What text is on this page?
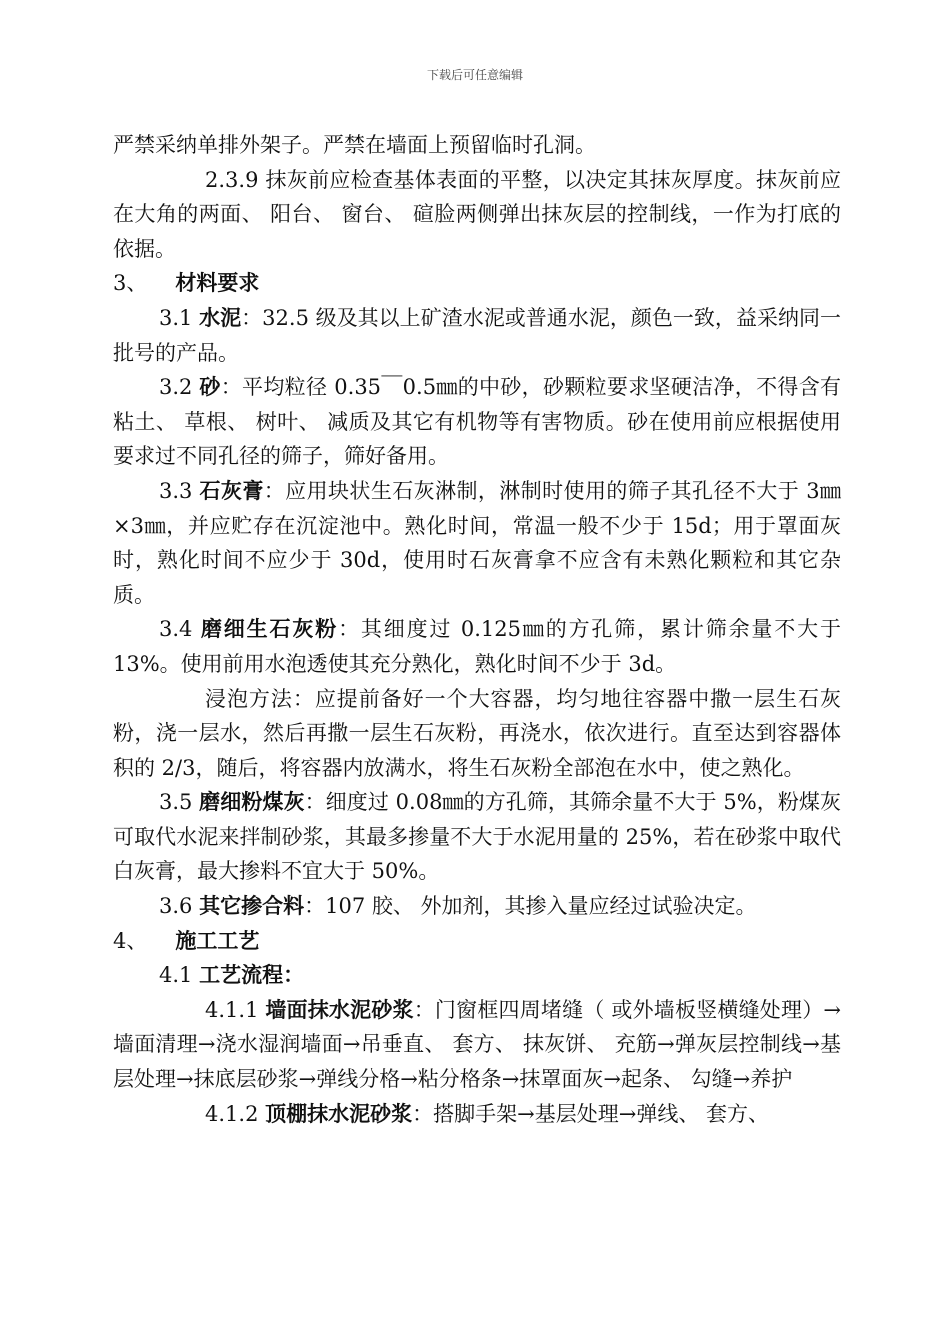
下载后可任意编辑

严禁采纳单排外架子。严禁在墙面上预留临时孔洞。

2.3.9 抹灰前应检查基体表面的平整，以决定其抹灰厚度。抹灰前应在大角的两面、 阳台、 窗台、 碹脸两侧弹出抹灰层的控制线，一作为打底的依据。

3、 材料要求

3.1 水泥：32.5 级及其以上矿渣水泥或普通水泥，颜色一致，益采纳同一批号的产品。

3.2 砂：平均粒径 0.35￣0.5㎜的中砂，砂颗粒要求坚硬洁净，不得含有粘土、 草根、 树叶、 减质及其它有机物等有害物质。砂在使用前应根据使用要求过不同孔径的筛子，筛好备用。

3.3 石灰膏：应用块状生石灰淋制，淋制时使用的筛子其孔径不大于 3㎜×3㎜，并应贮存在沉淀池中。熟化时间，常温一般不少于 15d；用于罩面灰时，熟化时间不应少于 30d，使用时石灰膏拿不应含有未熟化颗粒和其它杂质。

3.4 磨细生石灰粉：其细度过 0.125㎜的方孔筛，累计筛余量不大于 13%。使用前用水泡透使其充分熟化，熟化时间不少于 3d。

浸泡方法：应提前备好一个大容器，均匀地往容器中撒一层生石灰粉，浇一层水，然后再撒一层生石灰粉，再浇水，依次进行。直至达到容器体积的 2/3，随后，将容器内放满水，将生石灰粉全部泡在水中，使之熟化。

3.5 磨细粉煤灰：细度过 0.08㎜的方孔筛，其筛余量不大于 5%，粉煤灰可取代水泥来拌制砂浆，其最多掺量不大于水泥用量的 25%，若在砂浆中取代白灰膏，最大掺料不宜大于 50%。

3.6 其它掺合料：107 胶、 外加剂，其掺入量应经过试验决定。

4、 施工工艺

4.1 工艺流程：

4.1.1 墙面抹水泥砂浆：门窗框四周堵缝（ 或外墙板竖横缝处理）→墙面清理→浇水湿润墙面→吊垂直、 套方、 抹灰饼、 充筋→弹灰层控制线→基层处理→抹底层砂浆→弹线分格→粘分格条→抹罩面灰→起条、 勾缝→养护

4.1.2 顶棚抹水泥砂浆：搭脚手架→基层处理→弹线、 套方、
